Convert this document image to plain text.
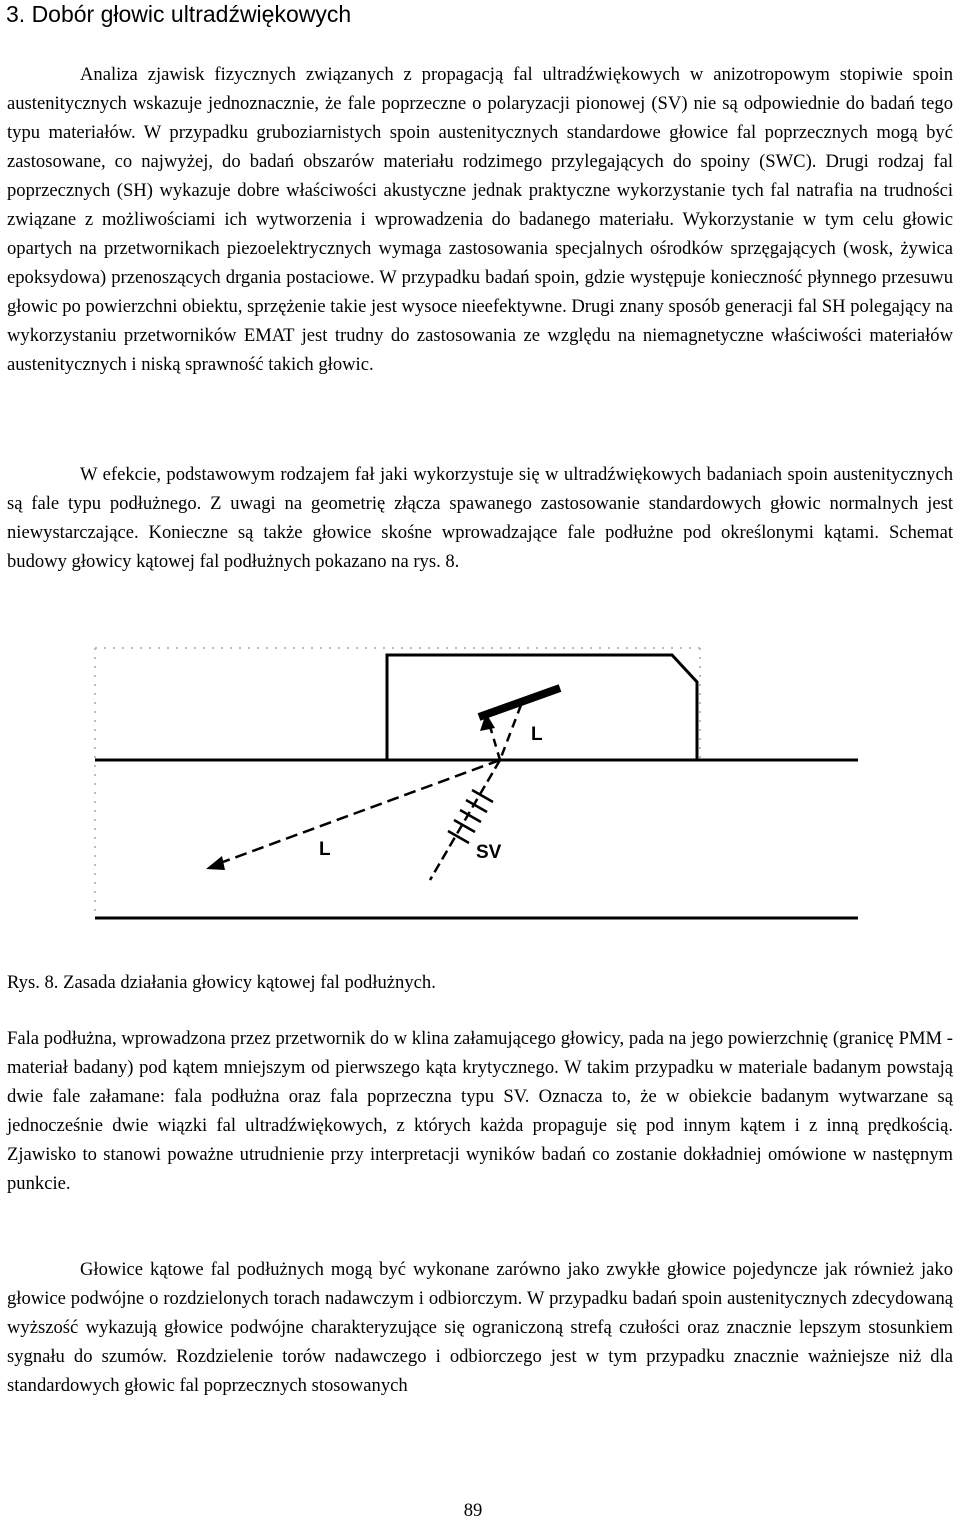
3. Dobór głowic ultradźwiękowych

Analiza zjawisk fizycznych związanych z propagacją fal ultradźwiękowych w anizotropowym stopiwie spoin austenitycznych wskazuje jednoznacznie, że fale poprzeczne o polaryzacji pionowej (SV) nie są odpowiednie do badań tego typu materiałów. W przypadku gruboziarnistych spoin austenitycznych standardowe głowice fal poprzecznych mogą być zastosowane, co najwyżej, do badań obszarów materiału rodzimego przylegających do spoiny (SWC). Drugi rodzaj fal poprzecznych (SH) wykazuje dobre właściwości akustyczne jednak praktyczne wykorzystanie tych fal natrafia na trudności związane z możliwościami ich wytworzenia i wprowadzenia do badanego materiału. Wykorzystanie w tym celu głowic opartych na przetwornikach piezoelektrycznych wymaga zastosowania specjalnych ośrodków sprzęgających (wosk, żywica epoksydowa) przenoszących drgania postaciowe. W przypadku badań spoin, gdzie występuje konieczność płynnego przesuwu głowic po powierzchni obiektu, sprzężenie takie jest wysoce nieefektywne. Drugi znany sposób generacji fal SH polegający na wykorzystaniu przetworników EMAT jest trudny do zastosowania ze względu na niemagnetyczne właściwości materiałów austenitycznych i niską sprawność takich głowic.

W efekcie, podstawowym rodzajem fał jaki wykorzystuje się w ultradźwiękowych badaniach spoin austenitycznych są fale typu podłużnego. Z uwagi na geometrię złącza spawanego zastosowanie standardowych głowic normalnych jest niewystarczające. Konieczne są także głowice skośne wprowadzające fale podłużne pod określonymi kątami. Schemat budowy głowicy kątowej fal podłużnych pokazano na rys. 8.

L
L	SV

Rys. 8. Zasada działania głowicy kątowej fal podłużnych.

Fala podłużna, wprowadzona przez przetwornik do w klina załamującego głowicy, pada na jego powierzchnię (granicę PMM - materiał badany) pod kątem mniejszym od pierwszego kąta krytycznego. W takim przypadku w materiale badanym powstają dwie fale załamane: fala podłużna oraz fala poprzeczna typu SV. Oznacza to, że w obiekcie badanym wytwarzane są jednocześnie dwie wiązki fal ultradźwiękowych, z których każda propaguje się pod innym kątem i z inną prędkością. Zjawisko to stanowi poważne utrudnienie przy interpretacji wyników badań co zostanie dokładniej omówione w następnym punkcie.

Głowice kątowe fal podłużnych mogą być wykonane zarówno jako zwykłe głowice pojedyncze jak również jako głowice podwójne o rozdzielonych torach nadawczym i odbiorczym. W przypadku badań spoin austenitycznych zdecydowaną wyższość wykazują głowice podwójne charakteryzujące się ograniczoną strefą czułości oraz znacznie lepszym stosunkiem sygnału do szumów. Rozdzielenie torów nadawczego i odbiorczego jest w tym przypadku znacznie ważniejsze niż dla standardowych głowic fal poprzecznych stosowanych

89
